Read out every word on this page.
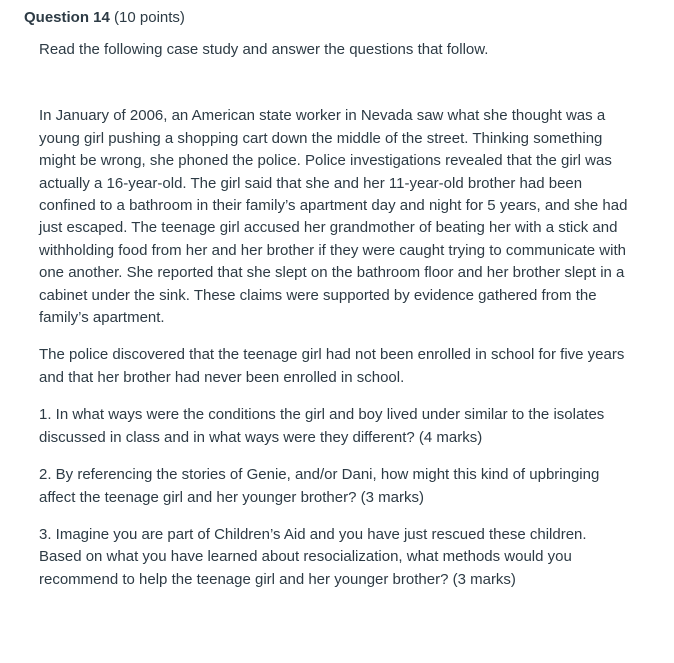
Question 14 (10 points)

Read the following case study and answer the questions that follow.

In January of 2006, an American state worker in Nevada saw what she thought was a young girl pushing a shopping cart down the middle of the street. Thinking something might be wrong, she phoned the police. Police investigations revealed that the girl was actually a 16-year-old. The girl said that she and her 11-year-old brother had been confined to a bathroom in their family’s apartment day and night for 5 years, and she had just escaped. The teenage girl accused her grandmother of beating her with a stick and withholding food from her and her brother if they were caught trying to communicate with one another. She reported that she slept on the bathroom floor and her brother slept in a cabinet under the sink. These claims were supported by evidence gathered from the family’s apartment.

The police discovered that the teenage girl had not been enrolled in school for five years and that her brother had never been enrolled in school.

1. In what ways were the conditions the girl and boy lived under similar to the isolates discussed in class and in what ways were they different? (4 marks)

2. By referencing the stories of Genie, and/or Dani, how might this kind of upbringing affect the teenage girl and her younger brother? (3 marks)

3. Imagine you are part of Children’s Aid and you have just rescued these children. Based on what you have learned about resocialization, what methods would you recommend to help the teenage girl and her younger brother? (3 marks)
